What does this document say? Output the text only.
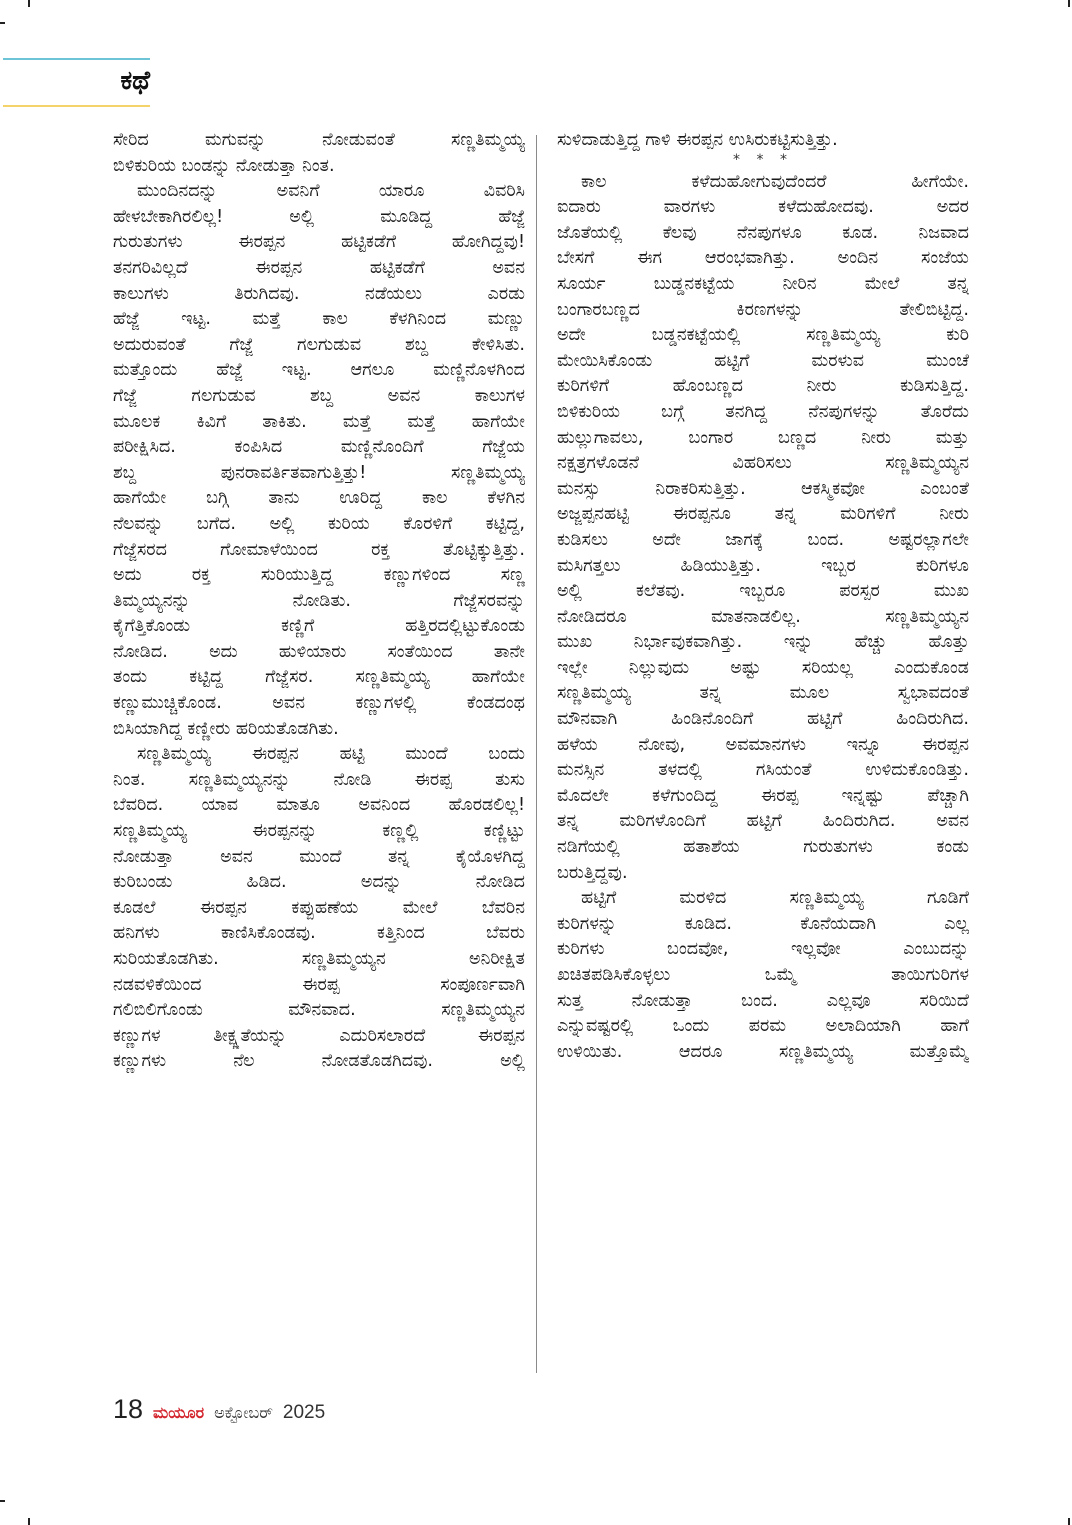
ಕಥೆ

ಸೇರಿದ ಮಗುವನ್ನು ನೋಡುವಂತೆ ಸಣ್ಣತಿಮ್ಮಯ್ಯ
ಬಿಳಿಕುರಿಯ ಬಂಡನ್ನು ನೋಡುತ್ತಾ ನಿಂತ.

ಮುಂದಿನದನ್ನು ಅವನಿಗೆ ಯಾರೂ ವಿವರಿಸಿ
ಹೇಳಬೇಕಾಗಿರಲಿಲ್ಲ! ಅಲ್ಲಿ ಮೂಡಿದ್ದ ಹೆಜ್ಜೆ
ಗುರುತುಗಳು ಈರಪ್ಪನ ಹಟ್ಟಿಕಡೆಗೆ ಹೋಗಿದ್ದವು!
ತನಗರಿವಿಲ್ಲದೆ ಈರಪ್ಪನ ಹಟ್ಟಿಕಡೆಗೆ ಅವನ
ಕಾಲುಗಳು ತಿರುಗಿದವು. ನಡೆಯಲು ಎರಡು
ಹೆಜ್ಜೆ ಇಟ್ಟ. ಮತ್ತೆ ಕಾಲ ಕೆಳಗಿನಿಂದ ಮಣ್ಣು
ಅದುರುವಂತೆ ಗೆಜ್ಜೆ ಗಲಗುಡುವ ಶಬ್ದ ಕೇಳಿಸಿತು.
ಮತ್ತೊಂದು ಹೆಜ್ಜೆ ಇಟ್ಟ. ಆಗಲೂ ಮಣ್ಣಿನೊಳಗಿಂದ
ಗೆಜ್ಜೆ ಗಲಗುಡುವ ಶಬ್ದ ಅವನ ಕಾಲುಗಳ
ಮೂಲಕ ಕಿವಿಗೆ ತಾಕಿತು. ಮತ್ತೆ ಮತ್ತೆ ಹಾಗೆಯೇ
ಪರೀಕ್ಷಿಸಿದ. ಕಂಪಿಸಿದ ಮಣ್ಣಿನೊಂದಿಗೆ ಗೆಜ್ಜೆಯ
ಶಬ್ದ ಪುನರಾವರ್ತಿತವಾಗುತ್ತಿತ್ತು! ಸಣ್ಣತಿಮ್ಮಯ್ಯ
ಹಾಗೆಯೇ ಬಗ್ಗಿ ತಾನು ಊರಿದ್ದ ಕಾಲ ಕೆಳಗಿನ
ನೆಲವನ್ನು ಬಗೆದ. ಅಲ್ಲಿ ಕುರಿಯ ಕೊರಳಿಗೆ ಕಟ್ಟಿದ್ದ,
ಗೆಜ್ಜೆಸರದ ಗೋಮಾಳೆಯಿಂದ ರಕ್ತ ತೊಟ್ಟಿಕ್ಕುತ್ತಿತ್ತು.
ಅದು ರಕ್ತ ಸುರಿಯುತ್ತಿದ್ದ ಕಣ್ಣುಗಳಿಂದ ಸಣ್ಣ
ತಿಮ್ಮಯ್ಯನನ್ನು ನೋಡಿತು. ಗೆಜ್ಜೆಸರವನ್ನು
ಕೈಗೆತ್ತಿಕೊಂಡು ಕಣ್ಣಿಗೆ ಹತ್ತಿರದಲ್ಲಿಟ್ಟುಕೊಂಡು
ನೋಡಿದ. ಅದು ಹುಳಿಯಾರು ಸಂತೆಯಿಂದ ತಾನೇ
ತಂದು ಕಟ್ಟಿದ್ದ ಗೆಜ್ಜೆಸರ. ಸಣ್ಣತಿಮ್ಮಯ್ಯ ಹಾಗೆಯೇ
ಕಣ್ಣುಮುಚ್ಚಿಕೊಂಡ. ಅವನ ಕಣ್ಣುಗಳಲ್ಲಿ ಕೆಂಡದಂಥ
ಬಿಸಿಯಾಗಿದ್ದ ಕಣ್ಣೀರು ಹರಿಯತೊಡಗಿತು.

ಸಣ್ಣತಿಮ್ಮಯ್ಯ ಈರಪ್ಪನ ಹಟ್ಟಿ ಮುಂದೆ ಬಂದು
ನಿಂತ. ಸಣ್ಣತಿಮ್ಮಯ್ಯನನ್ನು ನೋಡಿ ಈರಪ್ಪ ತುಸು
ಬೆವರಿದ. ಯಾವ ಮಾತೂ ಅವನಿಂದ ಹೊರಡಲಿಲ್ಲ!
ಸಣ್ಣತಿಮ್ಮಯ್ಯ ಈರಪ್ಪನನ್ನು ಕಣ್ಣಲ್ಲಿ ಕಣ್ಣಿಟ್ಟು
ನೋಡುತ್ತಾ ಅವನ ಮುಂದೆ ತನ್ನ ಕೈಯೊಳಗಿದ್ದ
ಕುರಿಬಂಡು ಹಿಡಿದ. ಅದನ್ನು ನೋಡಿದ
ಕೂಡಲೆ ಈರಪ್ಪನ ಕಪ್ಪುಹಣೆಯ ಮೇಲೆ ಬೆವರಿನ
ಹನಿಗಳು ಕಾಣಿಸಿಕೊಂಡವು. ಕತ್ತಿನಿಂದ ಬೆವರು
ಸುರಿಯತೊಡಗಿತು. ಸಣ್ಣತಿಮ್ಮಯ್ಯನ ಅನಿರೀಕ್ಷಿತ
ನಡವಳಿಕೆಯಿಂದ ಈರಪ್ಪ ಸಂಪೂರ್ಣವಾಗಿ
ಗಲಿಬಿಲಿಗೊಂಡು ಮೌನವಾದ. ಸಣ್ಣತಿಮ್ಮಯ್ಯನ
ಕಣ್ಣುಗಳ ತೀಕ್ಷ್ಣತೆಯನ್ನು ಎದುರಿಸಲಾರದೆ ಈರಪ್ಪನ
ಕಣ್ಣುಗಳು ನೆಲ ನೋಡತೊಡಗಿದವು. ಅಲ್ಲಿ

ಸುಳಿದಾಡುತ್ತಿದ್ದ ಗಾಳಿ ಈರಪ್ಪನ ಉಸಿರುಕಟ್ಟಿಸುತ್ತಿತ್ತು.

* * *

ಕಾಲ ಕಳೆದುಹೋಗುವುದೆಂದರೆ ಹೀಗೆಯೇ.
ಐದಾರು ವಾರಗಳು ಕಳೆದುಹೋದವು. ಅದರ
ಜೊತೆಯಲ್ಲಿ ಕೆಲವು ನೆನಪುಗಳೂ ಕೂಡ. ನಿಜವಾದ
ಬೇಸಗೆ ಈಗ ಆರಂಭವಾಗಿತ್ತು. ಅಂದಿನ ಸಂಜೆಯ
ಸೂರ್ಯ ಬುಡ್ಡನಕಟ್ಟೆಯ ನೀರಿನ ಮೇಲೆ ತನ್ನ
ಬಂಗಾರಬಣ್ಣದ ಕಿರಣಗಳನ್ನು ತೇಲಿಬಿಟ್ಟಿದ್ದ.
ಅದೇ ಬಡ್ಡನಕಟ್ಟೆಯಲ್ಲಿ ಸಣ್ಣತಿಮ್ಮಯ್ಯ ಕುರಿ
ಮೇಯಿಸಿಕೊಂಡು ಹಟ್ಟಿಗೆ ಮರಳುವ ಮುಂಚೆ
ಕುರಿಗಳಿಗೆ ಹೊಂಬಣ್ಣದ ನೀರು ಕುಡಿಸುತ್ತಿದ್ದ.
ಬಿಳಿಕುರಿಯ ಬಗ್ಗೆ ತನಗಿದ್ದ ನೆನಪುಗಳನ್ನು ತೊರೆದು
ಹುಲ್ಲುಗಾವಲು, ಬಂಗಾರ ಬಣ್ಣದ ನೀರು ಮತ್ತು
ನಕ್ಷತ್ರಗಳೊಡನೆ ವಿಹರಿಸಲು ಸಣ್ಣತಿಮ್ಮಯ್ಯನ
ಮನಸ್ಸು ನಿರಾಕರಿಸುತ್ತಿತ್ತು. ಆಕಸ್ಮಿಕವೋ ಎಂಬಂತೆ
ಅಜ್ಜಪ್ಪನಹಟ್ಟಿ ಈರಪ್ಪನೂ ತನ್ನ ಮರಿಗಳಿಗೆ ನೀರು
ಕುಡಿಸಲು ಅದೇ ಜಾಗಕ್ಕೆ ಬಂದ. ಅಷ್ಟರಲ್ಲಾಗಲೇ
ಮಸಿಗತ್ತಲು ಹಿಡಿಯುತ್ತಿತ್ತು. ಇಬ್ಬರ ಕುರಿಗಳೂ
ಅಲ್ಲಿ ಕಲೆತವು. ಇಬ್ಬರೂ ಪರಸ್ಪರ ಮುಖ
ನೋಡಿದರೂ ಮಾತನಾಡಲಿಲ್ಲ. ಸಣ್ಣತಿಮ್ಮಯ್ಯನ
ಮುಖ ನಿರ್ಭಾವುಕವಾಗಿತ್ತು. ಇನ್ನು ಹೆಚ್ಚು ಹೊತ್ತು
ಇಲ್ಲೇ ನಿಲ್ಲುವುದು ಅಷ್ಟು ಸರಿಯಲ್ಲ ಎಂದುಕೊಂಡ
ಸಣ್ಣತಿಮ್ಮಯ್ಯ ತನ್ನ ಮೂಲ ಸ್ವಭಾವದಂತೆ
ಮೌನವಾಗಿ ಹಿಂಡಿನೊಂದಿಗೆ ಹಟ್ಟಿಗೆ ಹಿಂದಿರುಗಿದ.
ಹಳೆಯ ನೋವು, ಅವಮಾನಗಳು ಇನ್ನೂ ಈರಪ್ಪನ
ಮನಸ್ಸಿನ ತಳದಲ್ಲಿ ಗಸಿಯಂತೆ ಉಳಿದುಕೊಂಡಿತ್ತು.
ಮೊದಲೇ ಕಳೆಗುಂದಿದ್ದ ಈರಪ್ಪ ಇನ್ನಷ್ಟು ಪೆಚ್ಚಾಗಿ
ತನ್ನ ಮರಿಗಳೊಂದಿಗೆ ಹಟ್ಟಿಗೆ ಹಿಂದಿರುಗಿದ. ಅವನ
ನಡಿಗೆಯಲ್ಲಿ ಹತಾಶೆಯ ಗುರುತುಗಳು ಕಂಡು
ಬರುತ್ತಿದ್ದವು.

ಹಟ್ಟಿಗೆ ಮರಳಿದ ಸಣ್ಣತಿಮ್ಮಯ್ಯ ಗೂಡಿಗೆ
ಕುರಿಗಳನ್ನು ಕೂಡಿದ. ಕೊನೆಯದಾಗಿ ಎಲ್ಲ
ಕುರಿಗಳು ಬಂದವೋ, ಇಲ್ಲವೋ ಎಂಬುದನ್ನು
ಖಚಿತಪಡಿಸಿಕೊಳ್ಳಲು ಒಮ್ಮೆ ತಾಯಿಗುರಿಗಳ
ಸುತ್ತ ನೋಡುತ್ತಾ ಬಂದ. ಎಲ್ಲವೂ ಸರಿಯಿದೆ
ಎನ್ನುವಷ್ಟರಲ್ಲಿ ಒಂದು ಪರಮ ಅಲಾದಿಯಾಗಿ ಹಾಗೆ
ಉಳಿಯಿತು. ಆದರೂ ಸಣ್ಣತಿಮ್ಮಯ್ಯ ಮತ್ತೊಮ್ಮೆ

18 ಮಯೂರ ಅಕ್ಟೋಬರ್ 2025
